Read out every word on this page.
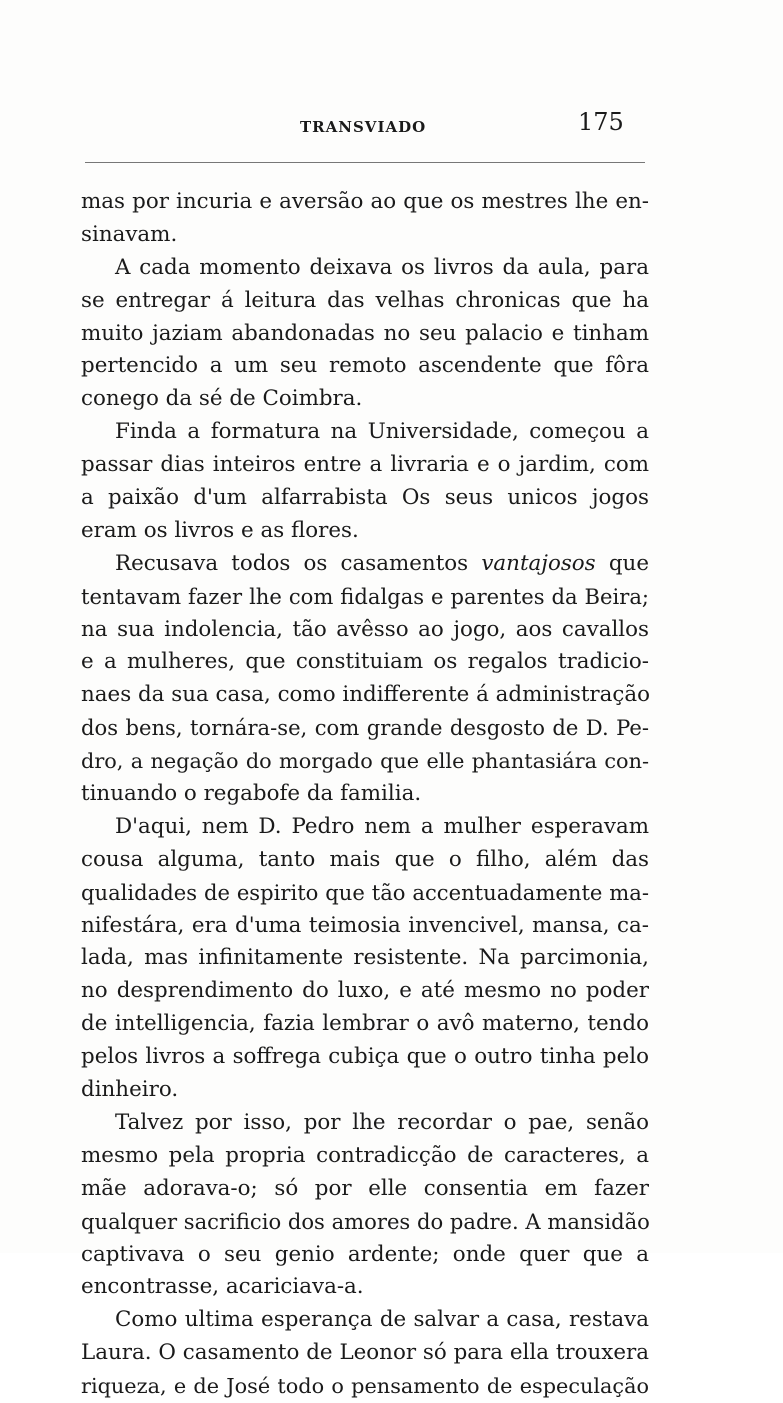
TRANSVIADO	175
mas por incuria e aversão ao que os mestres lhe en-
sinavam.
A cada momento deixava os livros da aula, para
se entregar á leitura das velhas chronicas que ha
muito jaziam abandonadas no seu palacio e tinham
pertencido a um seu remoto ascendente que fôra
conego da sé de Coimbra.
Finda a formatura na Universidade, começou a
passar dias inteiros entre a livraria e o jardim, com
a paixão d'um alfarrabista Os seus unicos jogos
eram os livros e as flores.
Recusava todos os casamentos vantajosos que
tentavam fazer lhe com fidalgas e parentes da Beira;
na sua indolencia, tão avêsso ao jogo, aos cavallos
e a mulheres, que constituiam os regalos tradicio-
naes da sua casa, como indifferente á administração
dos bens, tornára-se, com grande desgosto de D. Pe-
dro, a negação do morgado que elle phantasiára con-
tinuando o regabofe da familia.
D'aqui, nem D. Pedro nem a mulher esperavam
cousa alguma, tanto mais que o filho, além das
qualidades de espirito que tão accentuadamente ma-
nifestára, era d'uma teimosia invencivel, mansa, ca-
lada, mas infinitamente resistente. Na parcimonia,
no desprendimento do luxo, e até mesmo no poder
de intelligencia, fazia lembrar o avô materno, tendo
pelos livros a soffrega cubiça que o outro tinha pelo
dinheiro.
Talvez por isso, por lhe recordar o pae, senão
mesmo pela propria contradicção de caracteres, a
mãe adorava-o; só por elle consentia em fazer
qualquer sacrificio dos amores do padre. A mansidão
captivava o seu genio ardente; onde quer que a
encontrasse, acariciava-a.
Como ultima esperança de salvar a casa, restava
Laura. O casamento de Leonor só para ella trouxera
riqueza, e de José todo o pensamento de especulação
